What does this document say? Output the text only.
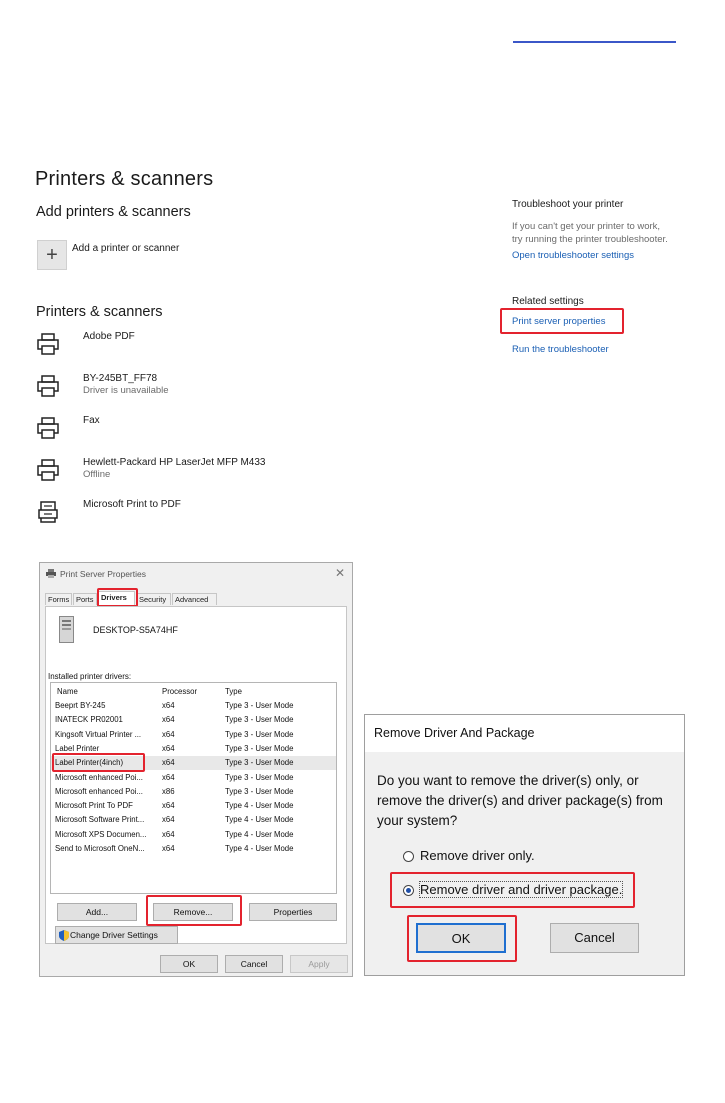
Printers & scanners
Add printers & scanners
+ Add a printer or scanner
Printers & scanners
Adobe PDF
BY-245BT_FF78
Driver is unavailable
Fax
Hewlett-Packard HP LaserJet MFP M433
Offline
Microsoft Print to PDF
Troubleshoot your printer
If you can't get your printer to work,
try running the printer troubleshooter.
Open troubleshooter settings
Related settings
Print server properties
Run the troubleshooter
Print Server Properties	✕
Forms Ports Drivers	Security	Advanced
DESKTOP-S5A74HF
Installed printer drivers:
Name	Processor	Type
Beeprt BY-245	x64	Type 3 - User Mode
INATECK PR02001	x64	Type 3 - User Mode
Kingsoft Virtual Printer ...	x64	Type 3 - User Mode
Label Printer	x64	Type 3 - User Mode
Label Printer(4inch)	x64	Type 3 - User Mode
Microsoft enhanced Poi...	x64	Type 3 - User Mode
Microsoft enhanced Poi...	x86	Type 3 - User Mode
Microsoft Print To PDF	x64	Type 4 - User Mode
Microsoft Software Print...	x64	Type 4 - User Mode
Microsoft XPS Documen...	x64	Type 4 - User Mode
Send to Microsoft OneN...	x64	Type 4 - User Mode
Add...	Remove...	Properties
Change Driver Settings
OK	Cancel	Apply
Remove Driver And Package
Do you want to remove the driver(s) only, or
remove the driver(s) and driver package(s) from
your system?
Remove driver only.
Remove driver and driver package.
OK	Cancel
